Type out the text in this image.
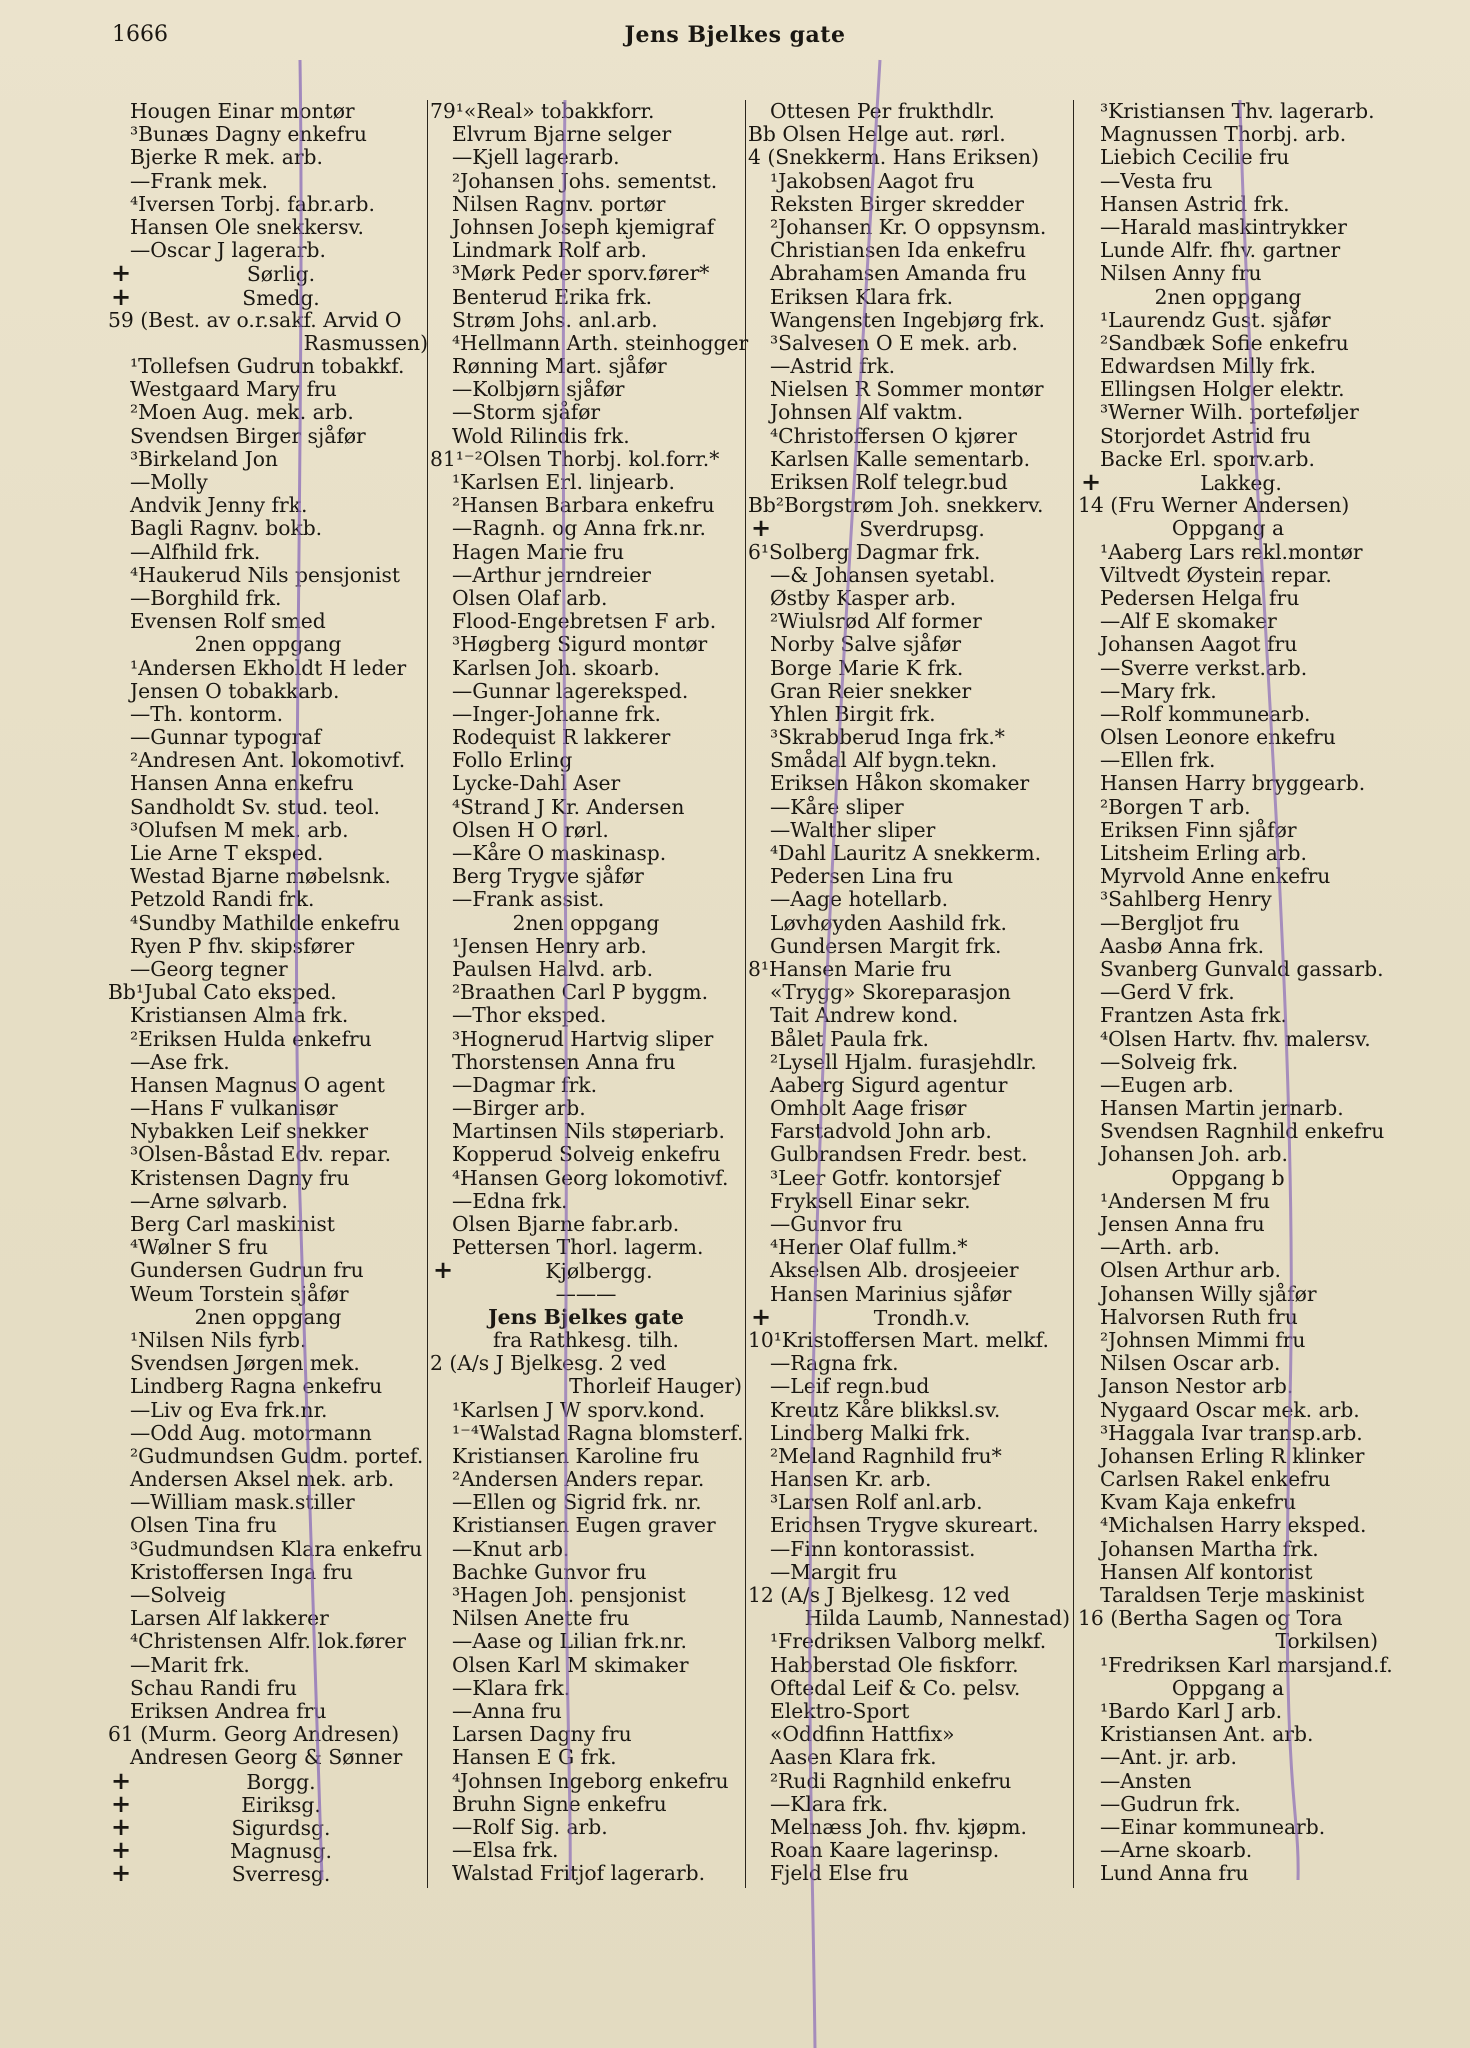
1666	Jens Bjelkes gate
Hougen Einar montør
³Bunæs Dagny enkefru
Bjerke R mek. arb.
—Frank mek.
⁴Iversen Torbj. fabr.arb.
Hansen Ole snekkersv.
—Oscar J lagerarb.
+	Sørlig.
+	Smedg.
59 (Best. av o.r.sakf. Arvid O
Rasmussen)
¹Tollefsen Gudrun tobakkf.
Westgaard Mary fru
²Moen Aug. mek. arb.
Svendsen Birger sjåfør
³Birkeland Jon
—Molly
Andvik Jenny frk.
Bagli Ragnv. bokb.
—Alfhild frk.
⁴Haukerud Nils pensjonist
—Borghild frk.
Evensen Rolf smed
2nen oppgang
¹Andersen Ekholdt H leder
Jensen O tobakkarb.
—Th. kontorm.
—Gunnar typograf
²Andresen Ant. lokomotivf.
Hansen Anna enkefru
Sandholdt Sv. stud. teol.
³Olufsen M mek. arb.
Lie Arne T eksped.
Westad Bjarne møbelsnk.
Petzold Randi frk.
⁴Sundby Mathilde enkefru
Ryen P fhv. skipsfører
—Georg tegner
Bb¹Jubal Cato eksped.
Kristiansen Alma frk.
²Eriksen Hulda enkefru
—Ase frk.
Hansen Magnus O agent
—Hans F vulkanisør
Nybakken Leif snekker
³Olsen-Båstad Edv. repar.
Kristensen Dagny fru
—Arne sølvarb.
Berg Carl maskinist
⁴Wølner S fru
Gundersen Gudrun fru
Weum Torstein sjåfør
2nen oppgang
¹Nilsen Nils fyrb.
Svendsen Jørgen mek.
Lindberg Ragna enkefru
—Liv og Eva frk.nr.
—Odd Aug. motormann
²Gudmundsen Gudm. portef.
Andersen Aksel mek. arb.
—William mask.stiller
Olsen Tina fru
³Gudmundsen Klara enkefru
Kristoffersen Inga fru
—Solveig
Larsen Alf lakkerer
⁴Christensen Alfr. lok.fører
—Marit frk.
Schau Randi fru
Eriksen Andrea fru
61 (Murm. Georg Andresen)
Andresen Georg & Sønner
+	Borgg.
+	Eiriksg.
+	Sigurdsg.
+	Magnusg.
+	Sverresg.
79¹«Real» tobakkforr.
Elvrum Bjarne selger
—Kjell lagerarb.
²Johansen Johs. sementst.
Nilsen Ragnv. portør
Johnsen Joseph kjemigraf
Lindmark Rolf arb.
³Mørk Peder sporv.fører*
Benterud Erika frk.
Strøm Johs. anl.arb.
⁴Hellmann Arth. steinhogger
Rønning Mart. sjåfør
—Kolbjørn sjåfør
—Storm sjåfør
Wold Rilindis frk.
81¹⁻²Olsen Thorbj. kol.forr.*
¹Karlsen Erl. linjearb.
²Hansen Barbara enkefru
—Ragnh. og Anna frk.nr.
Hagen Marie fru
—Arthur jerndreier
Olsen Olaf arb.
Flood-Engebretsen F arb.
³Høgberg Sigurd montør
Karlsen Joh. skoarb.
—Gunnar lagereksped.
—Inger-Johanne frk.
Rodequist R lakkerer
Follo Erling
Lycke-Dahl Aser
⁴Strand J Kr. Andersen
Olsen H O rørl.
—Kåre O maskinasp.
Berg Trygve sjåfør
—Frank assist.
2nen oppgang
¹Jensen Henry arb.
Paulsen Halvd. arb.
²Braathen Carl P byggm.
—Thor eksped.
³Hognerud Hartvig sliper
Thorstensen Anna fru
—Dagmar frk.
—Birger arb.
Martinsen Nils støperiarb.
Kopperud Solveig enkefru
⁴Hansen Georg lokomotivf.
—Edna frk.
Olsen Bjarne fabr.arb.
Pettersen Thorl. lagerm.
+	Kjølbergg.
———
Jens Bjelkes gate
fra Rathkesg. tilh.
2 (A/s J Bjelkesg. 2 ved
Thorleif Hauger)
¹Karlsen J W sporv.kond.
¹⁻⁴Walstad Ragna blomsterf.
Kristiansen Karoline fru
²Andersen Anders repar.
—Ellen og Sigrid frk. nr.
Kristiansen Eugen graver
—Knut arb.
Bachke Gunvor fru
³Hagen Joh. pensjonist
Nilsen Anette fru
—Aase og Lilian frk.nr.
Olsen Karl M skimaker
—Klara frk.
—Anna fru
Larsen Dagny fru
Hansen E G frk.
⁴Johnsen Ingeborg enkefru
Bruhn Signe enkefru
—Rolf Sig. arb.
—Elsa frk.
Walstad Fritjof lagerarb.
Ottesen Per frukthdlr.
Bb Olsen Helge aut. rørl.
4 (Snekkerm. Hans Eriksen)
¹Jakobsen Aagot fru
Reksten Birger skredder
²Johansen Kr. O oppsynsm.
Christiansen Ida enkefru
Abrahamsen Amanda fru
Eriksen Klara frk.
Wangensten Ingebjørg frk.
³Salvesen O E mek. arb.
—Astrid frk.
Nielsen R Sommer montør
Johnsen Alf vaktm.
⁴Christoffersen O kjører
Karlsen Kalle sementarb.
Eriksen Rolf telegr.bud
Bb²Borgstrøm Joh. snekkerv.
+	Sverdrupsg.
6¹Solberg Dagmar frk.
—& Johansen syetabl.
Østby Kasper arb.
²Wiulsrød Alf former
Norby Salve sjåfør
Borge Marie K frk.
Gran Reier snekker
Yhlen Birgit frk.
³Skrabberud Inga frk.*
Smådal Alf bygn.tekn.
Eriksen Håkon skomaker
—Kåre sliper
—Walther sliper
⁴Dahl Lauritz A snekkerm.
Pedersen Lina fru
—Aage hotellarb.
Løvhøyden Aashild frk.
Gundersen Margit frk.
8¹Hansen Marie fru
«Trygg» Skoreparasjon
Tait Andrew kond.
Bålet Paula frk.
²Lysell Hjalm. furasjehdlr.
Aaberg Sigurd agentur
Omholt Aage frisør
Farstadvold John arb.
Gulbrandsen Fredr. best.
³Leer Gotfr. kontorsjef
Fryksell Einar sekr.
—Gunvor fru
⁴Hener Olaf fullm.*
Akselsen Alb. drosjeeier
Hansen Marinius sjåfør
+	Trondh.v.
10¹Kristoffersen Mart. melkf.
—Ragna frk.
—Leif regn.bud
Kreutz Kåre blikksl.sv.
Lindberg Malki frk.
²Meland Ragnhild fru*
Hansen Kr. arb.
³Larsen Rolf anl.arb.
Erichsen Trygve skureart.
—Finn kontorassist.
—Margit fru
12 (A/s J Bjelkesg. 12 ved
Hilda Laumb, Nannestad)
¹Fredriksen Valborg melkf.
Habberstad Ole fiskforr.
Oftedal Leif & Co. pelsv.
Elektro-Sport
«Oddfinn Hattfix»
Aasen Klara frk.
²Rudi Ragnhild enkefru
—Klara frk.
Melnæss Joh. fhv. kjøpm.
Roan Kaare lagerinsp.
Fjeld Else fru
³Kristiansen Thv. lagerarb.
Magnussen Thorbj. arb.
Liebich Cecilie fru
—Vesta fru
Hansen Astrid frk.
—Harald maskintrykker
Lunde Alfr. fhv. gartner
Nilsen Anny fru
2nen oppgang
¹Laurendz Gust. sjåfør
²Sandbæk Sofie enkefru
Edwardsen Milly frk.
Ellingsen Holger elektr.
³Werner Wilh. porteføljer
Storjordet Astrid fru
Backe Erl. sporv.arb.
+	Lakkeg.
14 (Fru Werner Andersen)
Oppgang a
¹Aaberg Lars rekl.montør
Viltvedt Øystein repar.
Pedersen Helga fru
—Alf E skomaker
Johansen Aagot fru
—Sverre verkst.arb.
—Mary frk.
—Rolf kommunearb.
Olsen Leonore enkefru
—Ellen frk.
Hansen Harry bryggearb.
²Borgen T arb.
Eriksen Finn sjåfør
Litsheim Erling arb.
Myrvold Anne enkefru
³Sahlberg Henry
—Bergljot fru
Aasbø Anna frk.
Svanberg Gunvald gassarb.
—Gerd V frk.
Frantzen Asta frk.
⁴Olsen Hartv. fhv. malersv.
—Solveig frk.
—Eugen arb.
Hansen Martin jernarb.
Svendsen Ragnhild enkefru
Johansen Joh. arb.
Oppgang b
¹Andersen M fru
Jensen Anna fru
—Arth. arb.
Olsen Arthur arb.
Johansen Willy sjåfør
Halvorsen Ruth fru
²Johnsen Mimmi fru
Nilsen Oscar arb.
Janson Nestor arb.
Nygaard Oscar mek. arb.
³Haggala Ivar transp.arb.
Johansen Erling R klinker
Carlsen Rakel enkefru
Kvam Kaja enkefru
⁴Michalsen Harry eksped.
Johansen Martha frk.
Hansen Alf kontorist
Taraldsen Terje maskinist
16 (Bertha Sagen og Tora
Torkilsen)
¹Fredriksen Karl marsjand.f.
Oppgang a
¹Bardo Karl J arb.
Kristiansen Ant. arb.
—Ant. jr. arb.
—Ansten
—Gudrun frk.
—Einar kommunearb.
—Arne skoarb.
Lund Anna fru
